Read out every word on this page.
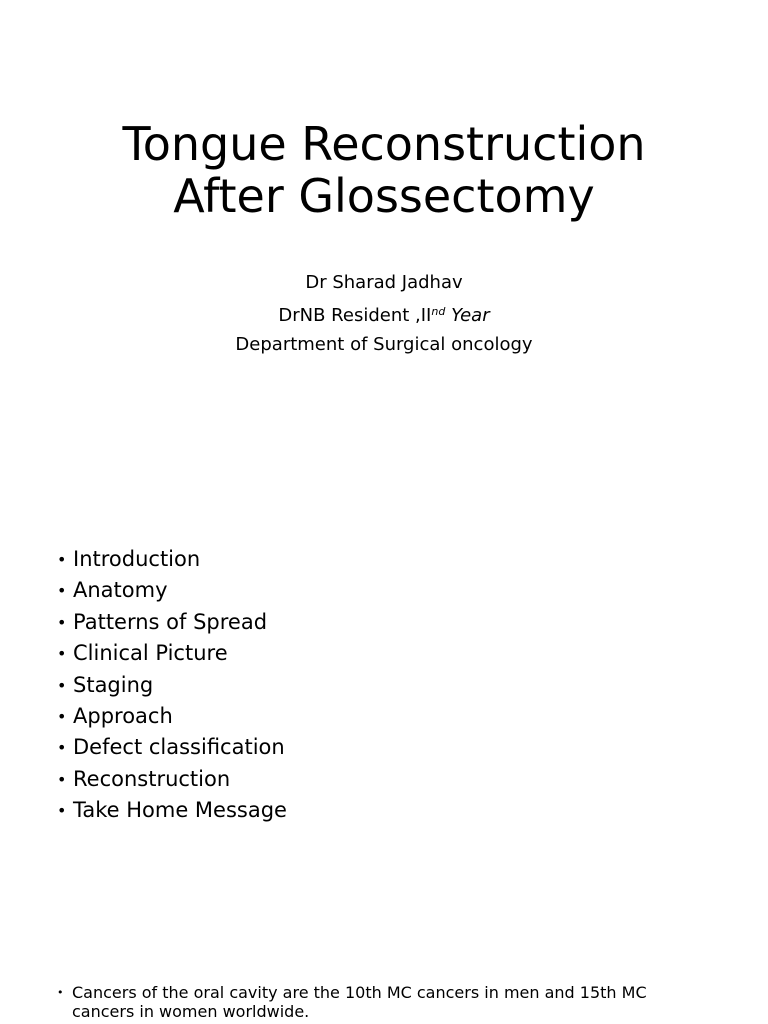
Tongue Reconstruction
After Glossectomy
Dr Sharad Jadhav
DrNB Resident ,IInd Year
Department of Surgical oncology
• Introduction
• Anatomy
• Patterns of Spread
• Clinical Picture
• Staging
• Approach
• Defect classification
• Reconstruction
• Take Home Message
• Cancers of the oral cavity are the 10th MC cancers in men and 15th MC cancers in women worldwide.
